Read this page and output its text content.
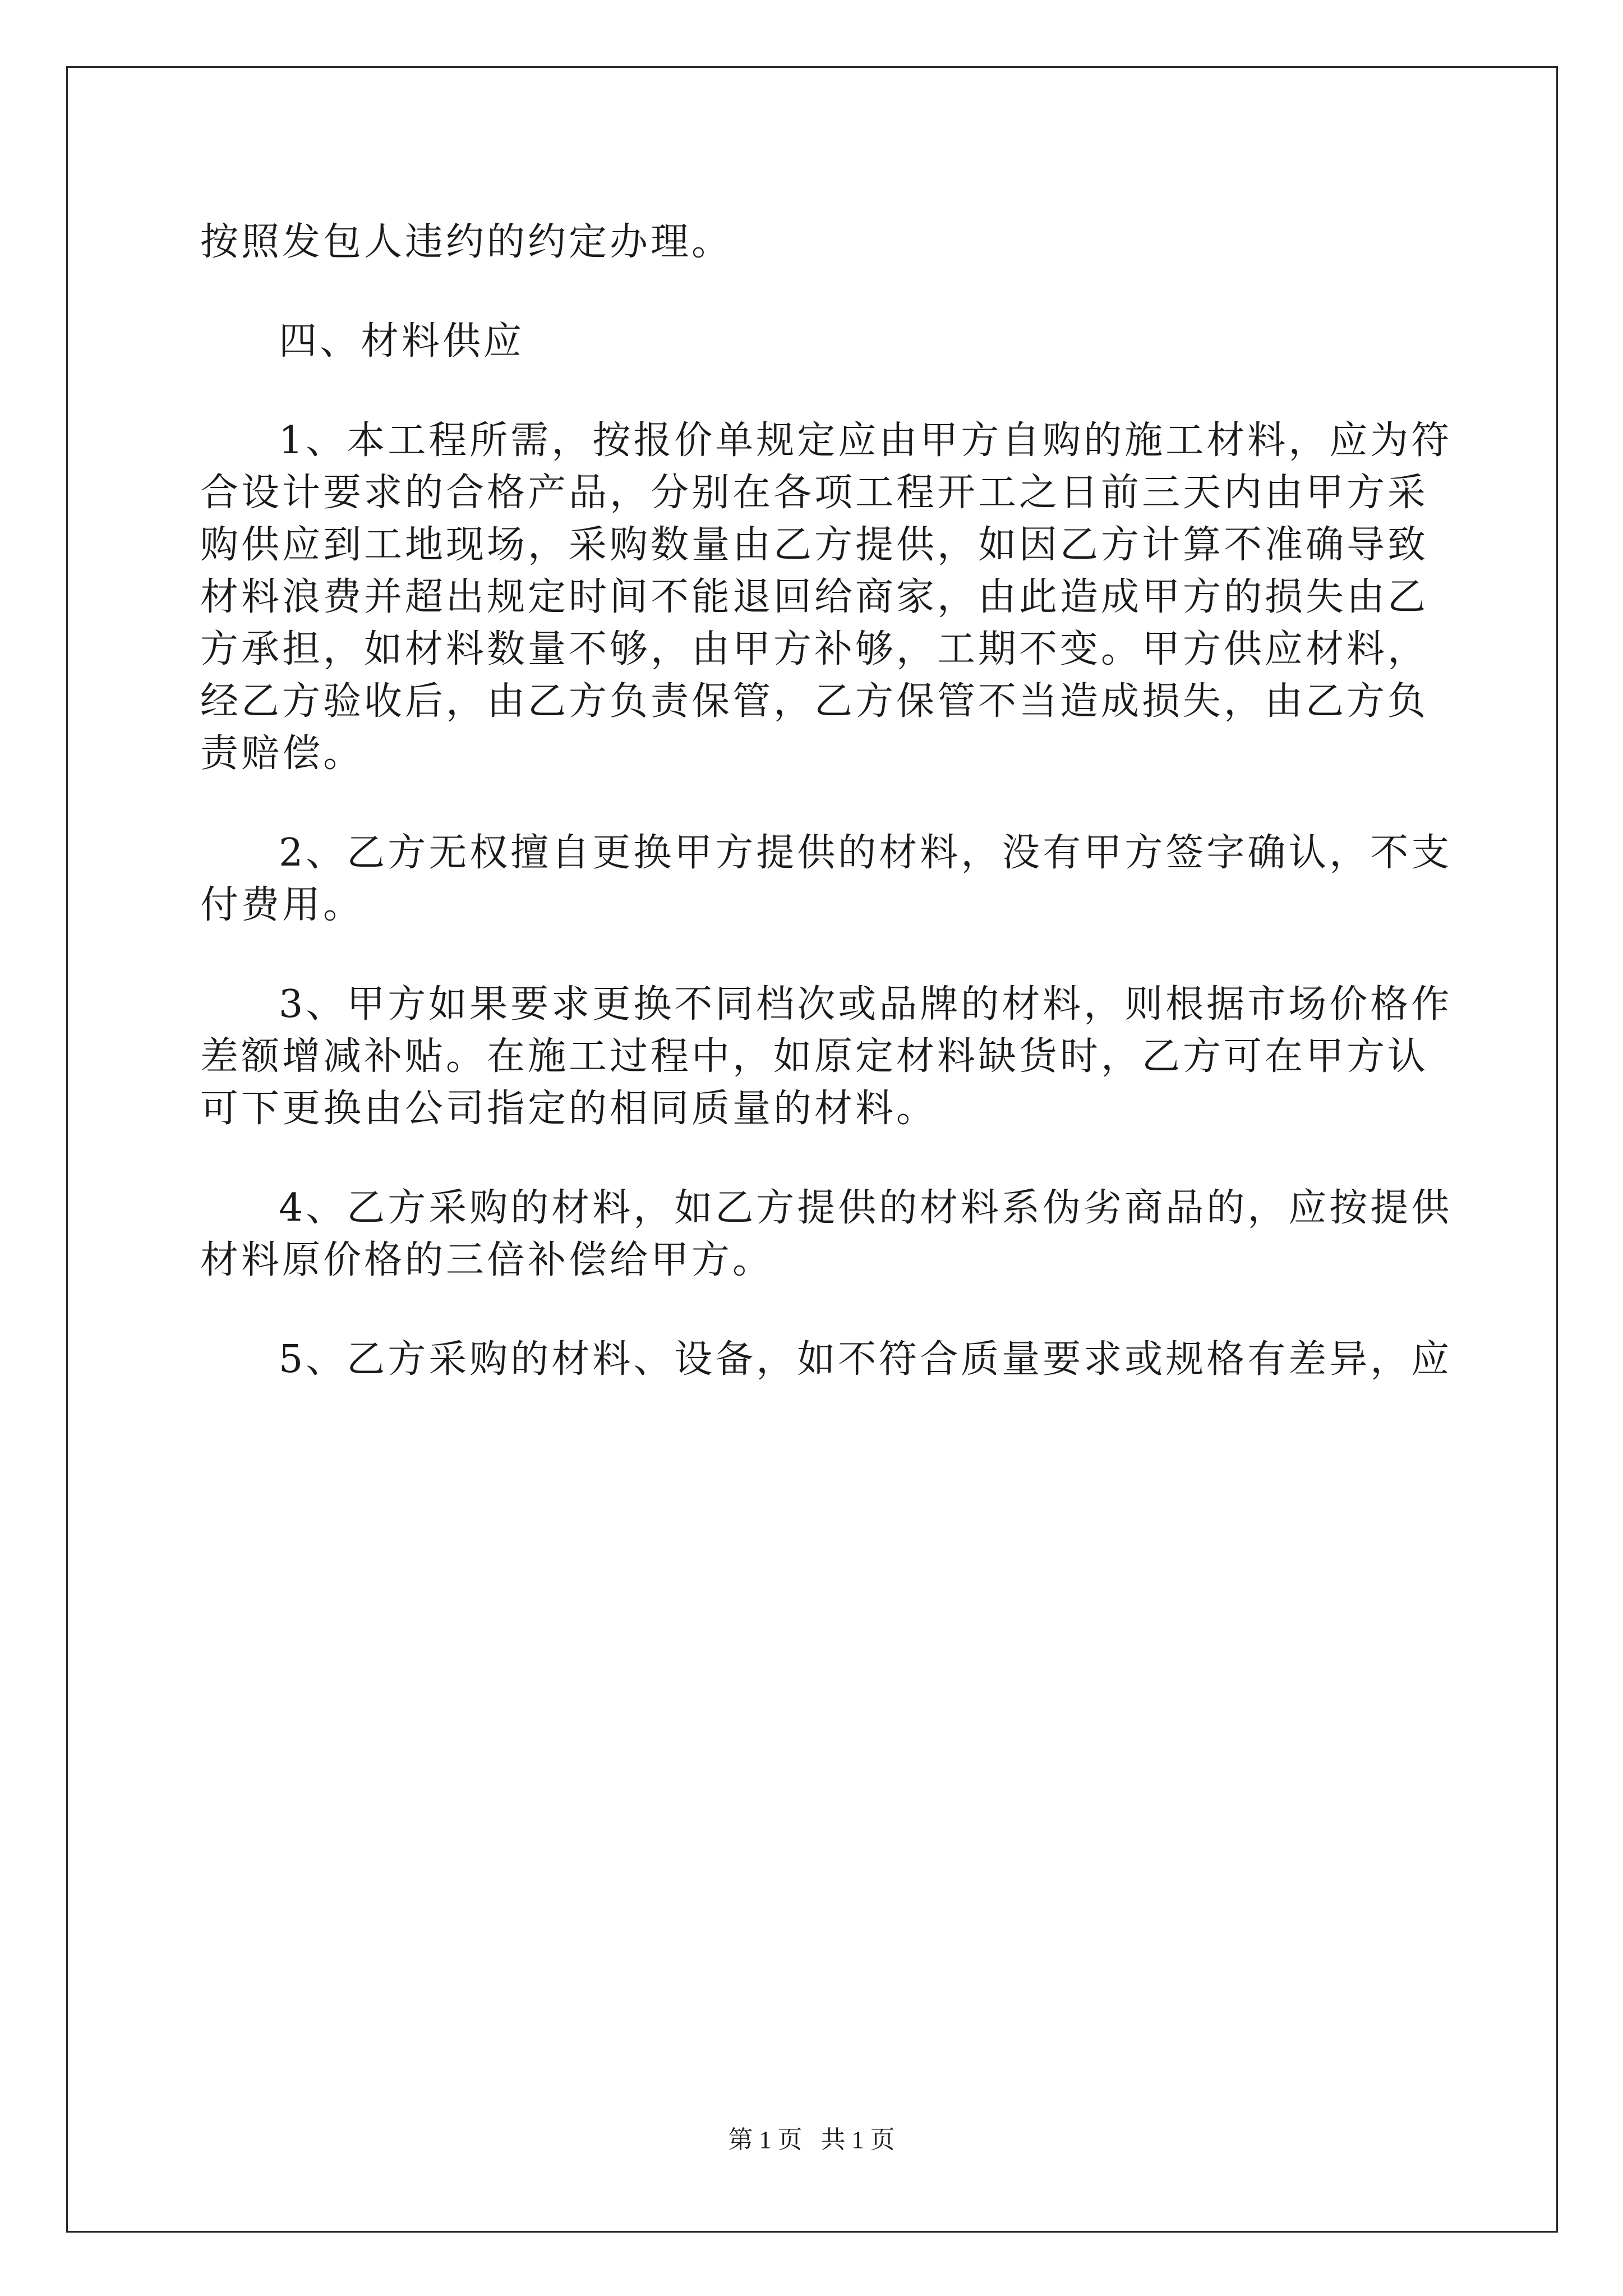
按照发包人违约的约定办理。
四、材料供应
1、本工程所需，按报价单规定应由甲方自购的施工材料，应为符
合设计要求的合格产品，分别在各项工程开工之日前三天内由甲方采
购供应到工地现场，采购数量由乙方提供，如因乙方计算不准确导致
材料浪费并超出规定时间不能退回给商家，由此造成甲方的损失由乙
方承担，如材料数量不够，由甲方补够，工期不变。甲方供应材料，
经乙方验收后，由乙方负责保管，乙方保管不当造成损失，由乙方负
责赔偿。
2、乙方无权擅自更换甲方提供的材料，没有甲方签字确认，不支
付费用。
3、甲方如果要求更换不同档次或品牌的材料，则根据市场价格作
差额增减补贴。在施工过程中，如原定材料缺货时，乙方可在甲方认
可下更换由公司指定的相同质量的材料。
4、乙方采购的材料，如乙方提供的材料系伪劣商品的，应按提供
材料原价格的三倍补偿给甲方。
5、乙方采购的材料、设备，如不符合质量要求或规格有差异，应
第 1 页 共 1 页
